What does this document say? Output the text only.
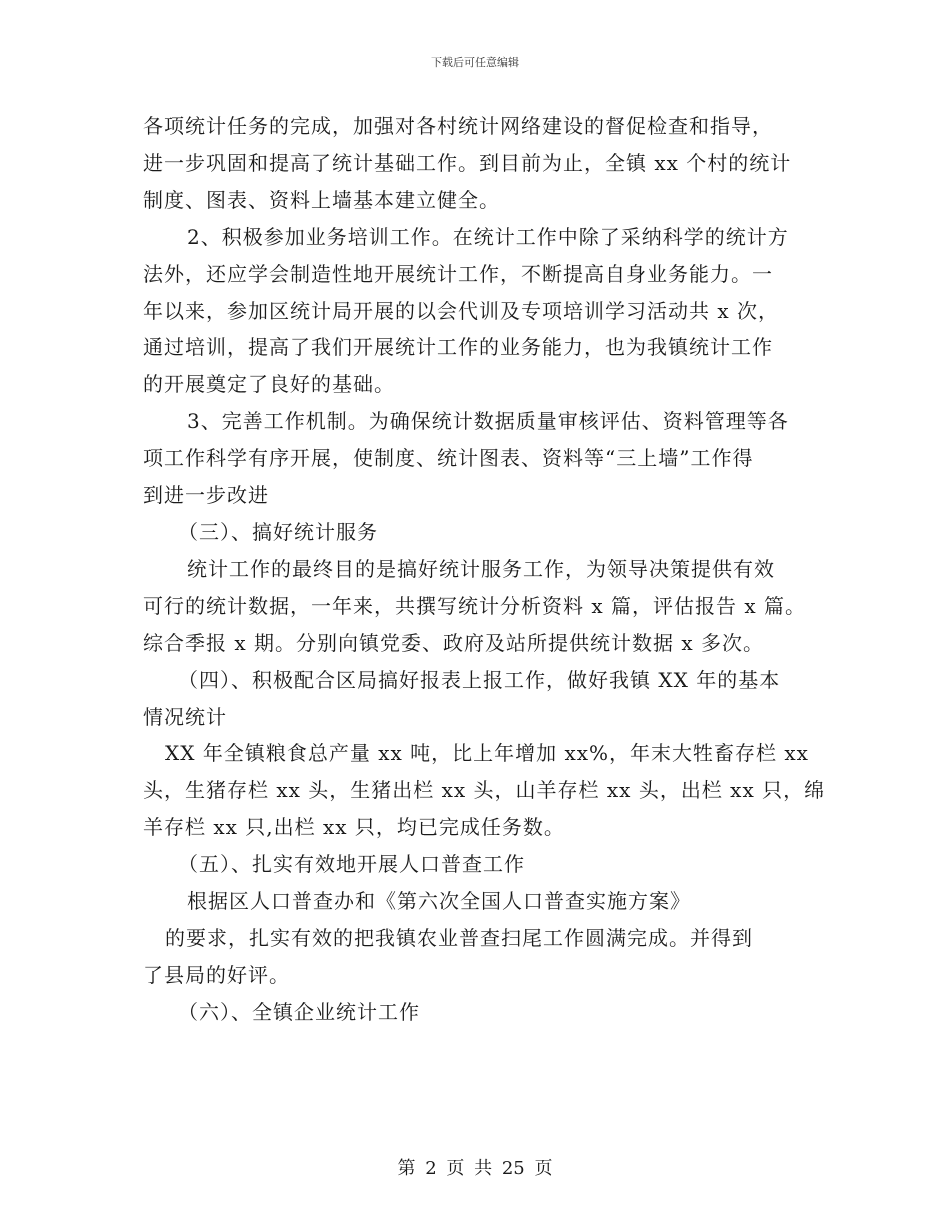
下载后可任意编辑

各项统计任务的完成，加强对各村统计网络建设的督促检查和指导，

进一步巩固和提高了统计基础工作。到目前为止，全镇 xx 个村的统计

制度、图表、资料上墙基本建立健全。

2、积极参加业务培训工作。在统计工作中除了采纳科学的统计方

法外，还应学会制造性地开展统计工作，不断提高自身业务能力。一

年以来，参加区统计局开展的以会代训及专项培训学习活动共 x 次，

通过培训，提高了我们开展统计工作的业务能力，也为我镇统计工作

的开展奠定了良好的基础。

3、完善工作机制。为确保统计数据质量审核评估、资料管理等各

项工作科学有序开展，使制度、统计图表、资料等“三上墙”工作得

到进一步改进

（三）、搞好统计服务

统计工作的最终目的是搞好统计服务工作，为领导决策提供有效

可行的统计数据，一年来，共撰写统计分析资料 x 篇，评估报告 x 篇。

综合季报 x 期。分别向镇党委、政府及站所提供统计数据 x 多次。

（四）、积极配合区局搞好报表上报工作，做好我镇 XX 年的基本

情况统计

XX 年全镇粮食总产量 xx 吨，比上年增加 xx%，年末大牲畜存栏 xx

头，生猪存栏 xx 头，生猪出栏 xx 头，山羊存栏 xx 头，出栏 xx 只，绵

羊存栏 xx 只,出栏 xx 只，均已完成任务数。

（五）、扎实有效地开展人口普查工作

根据区人口普查办和《第六次全国人口普查实施方案》

的要求，扎实有效的把我镇农业普查扫尾工作圆满完成。并得到

了县局的好评。

（六）、全镇企业统计工作

第 2 页 共 25 页
